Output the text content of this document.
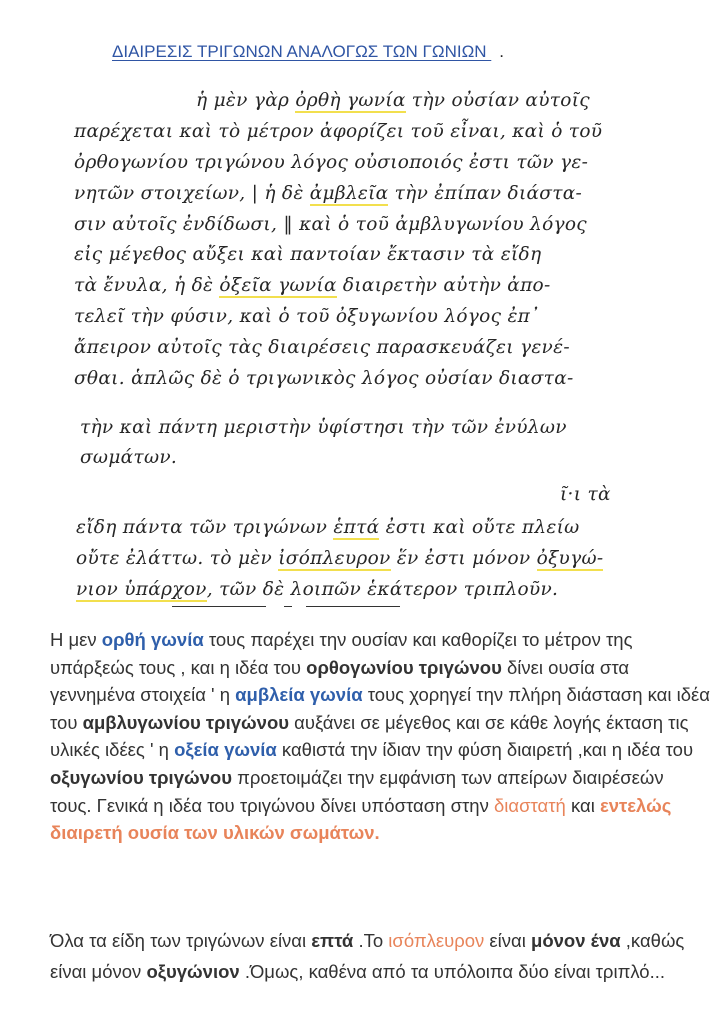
ΔΙΑΙΡΕΣΙΣ ΤΡΙΓΩΝΩΝ ΑΝΑΛΟΓΩΣ ΤΩΝ ΓΩΝΙΩΝ .
ἡ μὲν γὰρ ὀρθὴ γωνία τὴν οὐσίαν αὐτοῖς
παρέχεται καὶ τὸ μέτρον ἀφορίζει τοῦ εἶναι, καὶ ὁ τοῦ
ὀρθογωνίου τριγώνου λόγος οὐσιοποιός ἐστι τῶν γε-
νητῶν στοιχείων, | ἡ δὲ ἀμβλεῖα τὴν ἐπίπαν διάστα-
σιν αὐτοῖς ἐνδίδωσι, ‖ καὶ ὁ τοῦ ἀμβλυγωνίου λόγος
εἰς μέγεθος αὔξει καὶ παντοίαν ἔκτασιν τὰ εἴδη
τὰ ἔνυλα, ἡ δὲ ὀξεῖα γωνία διαιρετὴν αὐτὴν ἀπο-
τελεῖ τὴν φύσιν, καὶ ὁ τοῦ ὀξυγωνίου λόγος ἐπ᾽
ἄπειρον αὐτοῖς τὰς διαιρέσεις παρασκευάζει γενέ-
σθαι. ἁπλῶς δὲ ὁ τριγωνικὸς λόγος οὐσίαν διαστα-
τὴν καὶ πάντη μεριστὴν ὑφίστησι τὴν τῶν ἐνύλων
σωμάτων.
ῖ·ι τὰ
εἴδη πάντα τῶν τριγώνων ἑπτά ἐστι καὶ οὔτε πλείω
οὔτε ἐλάττω. τὸ μὲν ἰσόπλευρον ἕν ἐστι μόνον ὀξυγώ-
νιον ὑπάρχον, τῶν δὲ λοιπῶν ἑκάτερον τριπλοῦν.
Η μεν ορθή γωνία τους παρέχει την ουσίαν και καθορίζει το μέτρον της υπάρξεώς τους , και η ιδέα του ορθογωνίου τριγώνου δίνει ουσία στα γεννημένα στοιχεία ' η αμβλεία γωνία τους χορηγεί την πλήρη διάσταση και ιδέα του αμβλυγωνίου τριγώνου αυξάνει σε μέγεθος και σε κάθε λογής έκταση τις υλικές ιδέες ' η οξεία γωνία καθιστά την ίδιαν την φύση διαιρετή ,και η ιδέα του οξυγωνίου τριγώνου προετοιμάζει την εμφάνιση των απείρων διαιρέσεών τους. Γενικά η ιδέα του τριγώνου δίνει υπόσταση στην διαστατή και εντελώς διαιρετή ουσία των υλικών σωμάτων.
Όλα τα είδη των τριγώνων είναι επτά .Το ισόπλευρον είναι μόνον ένα ,καθώς είναι μόνον οξυγώνιον .Όμως, καθένα από τα υπόλοιπα δύο είναι τριπλό...
